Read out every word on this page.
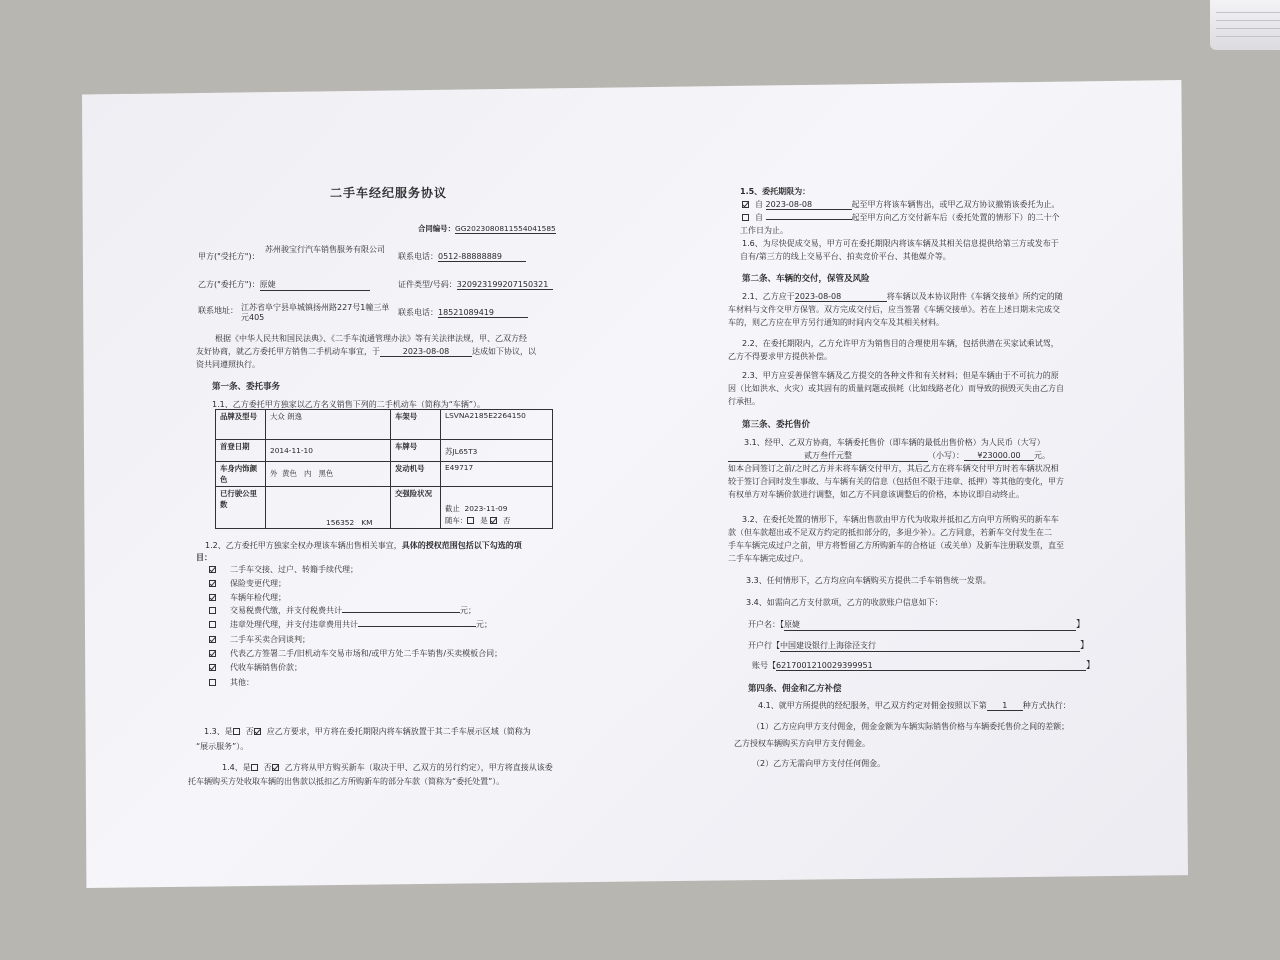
二手车经纪服务协议
合同编号：GG2023080811554041585
甲方("受托方")：
苏州骏宝行汽车销售服务有限公司
联系电话：0512-88888889
乙方("委托方")：原婕	证件类型/号码：320923199207150321
联系地址： 江苏省阜宁县阜城镇扬州路227号1幢三单元405
联系电话：18521089419
根据《中华人民共和国民法典》、《二手车流通管理办法》等有关法律法规，甲、乙双方经
友好协商，就乙方委托甲方销售二手机动车事宜，于	2023-08-08	达成如下协议，以
资共同遵照执行。
第一条、委托事务
1.1、乙方委托甲方独家以乙方名义销售下列的二手机动车（简称为“车辆”）。
品牌及型号	大众 朗逸	车架号	LSVNA2185E2264150
首登日期	2014-11-10	车牌号	苏JL65T3
车身内饰颜色	外 黄色 内 黑色	发动机号	E49717
已行驶公里数	156352 KM	交强险状况	截止 2023-11-09
随车： 是 否
1.2、乙方委托甲方独家全权办理该车辆出售相关事宜，具体的授权范围包括以下勾选的项
目：
二手车交接、过户、转籍手续代理；
保险变更代理；
车辆年检代理；
交易税费代缴，并支付税费共计	元；
违章处理代理，并支付违章费用共计	元；
二手车买卖合同谈判；
代表乙方签署二手/旧机动车交易市场和/或甲方处二手车销售/买卖模板合同；
代收车辆销售价款；
其他：
1.3、是 否 应乙方要求，甲方将在委托期限内将车辆放置于其二手车展示区域（简称为
“展示服务”）。
1.4、是 否 乙方将从甲方购买新车（取决于甲、乙双方的另行约定），甲方将直接从该委
托车辆购买方处收取车辆的出售款以抵扣乙方所购新车的部分车款（简称为“委托处置”）。
1.5、委托期限为：
自 2023-08-08	起至甲方将该车辆售出，或甲乙双方协议撤销该委托为止。
自	起至甲方向乙方交付新车后（委托处置的情形下）的二十个
工作日为止。
1.6、为尽快促成交易，甲方可在委托期限内将该车辆及其相关信息提供给第三方或发布于
自有/第三方的线上交易平台、拍卖竞价平台、其他媒介等。
第二条、车辆的交付，保管及风险
2.1、乙方应于2023-08-08	将车辆以及本协议附件《车辆交接单》所约定的随
车材料与文件交甲方保管。双方完成交付后，应当签署《车辆交接单》。若在上述日期未完成交
车的，则乙方应在甲方另行通知的时间内交车及其相关材料。
2.2、在委托期限内，乙方允许甲方为销售目的合理使用车辆，包括供潜在买家试乘试驾，
乙方不得要求甲方提供补偿。
2.3、甲方应妥善保管车辆及乙方提交的各种文件和有关材料；但是车辆由于不可抗力的原
因（比如洪水、火灾）或其固有的质量问题或损耗（比如线路老化）而导致的损毁灭失由乙方自
行承担。
第三条、委托售价
3.1、经甲、乙双方协商，车辆委托售价（即车辆的最低出售价格）为人民币（大写）
贰万叁仟元整	（小写）： ¥23000.00 元。
如本合同签订之前/之时乙方并未将车辆交付甲方，其后乙方在将车辆交付甲方时若车辆状况相
较于签订合同时发生事故、与车辆有关的信息（包括但不限于违章、抵押）等其他的变化，甲方
有权单方对车辆价款进行调整，如乙方不同意该调整后的价格，本协议即自动终止。
3.2、在委托处置的情形下，车辆出售款由甲方代为收取并抵扣乙方向甲方所购买的新车车
款（但车款超出或不足双方约定的抵扣部分的，多退少补）。乙方同意，若新车交付发生在二
手车车辆完成过户之前，甲方将暂留乙方所购新车的合格证（或关单）及新车注册联发票，直至
二手车车辆完成过户。
3.3、任何情形下，乙方均应向车辆购买方提供二手车销售统一发票。
3.4、如需向乙方支付款项，乙方的收款账户信息如下：
开户名：【原婕	】
开户行【中国建设银行上海徐泾支行	】
账号【6217001210029399951	】
第四条、佣金和乙方补偿
4.1、就甲方所提供的经纪服务，甲乙双方约定对佣金按照以下第 1 种方式执行：
（1）乙方应向甲方支付佣金，佣金金额为车辆实际销售价格与车辆委托售价之间的差额；
乙方授权车辆购买方向甲方支付佣金。
（2）乙方无需向甲方支付任何佣金。
